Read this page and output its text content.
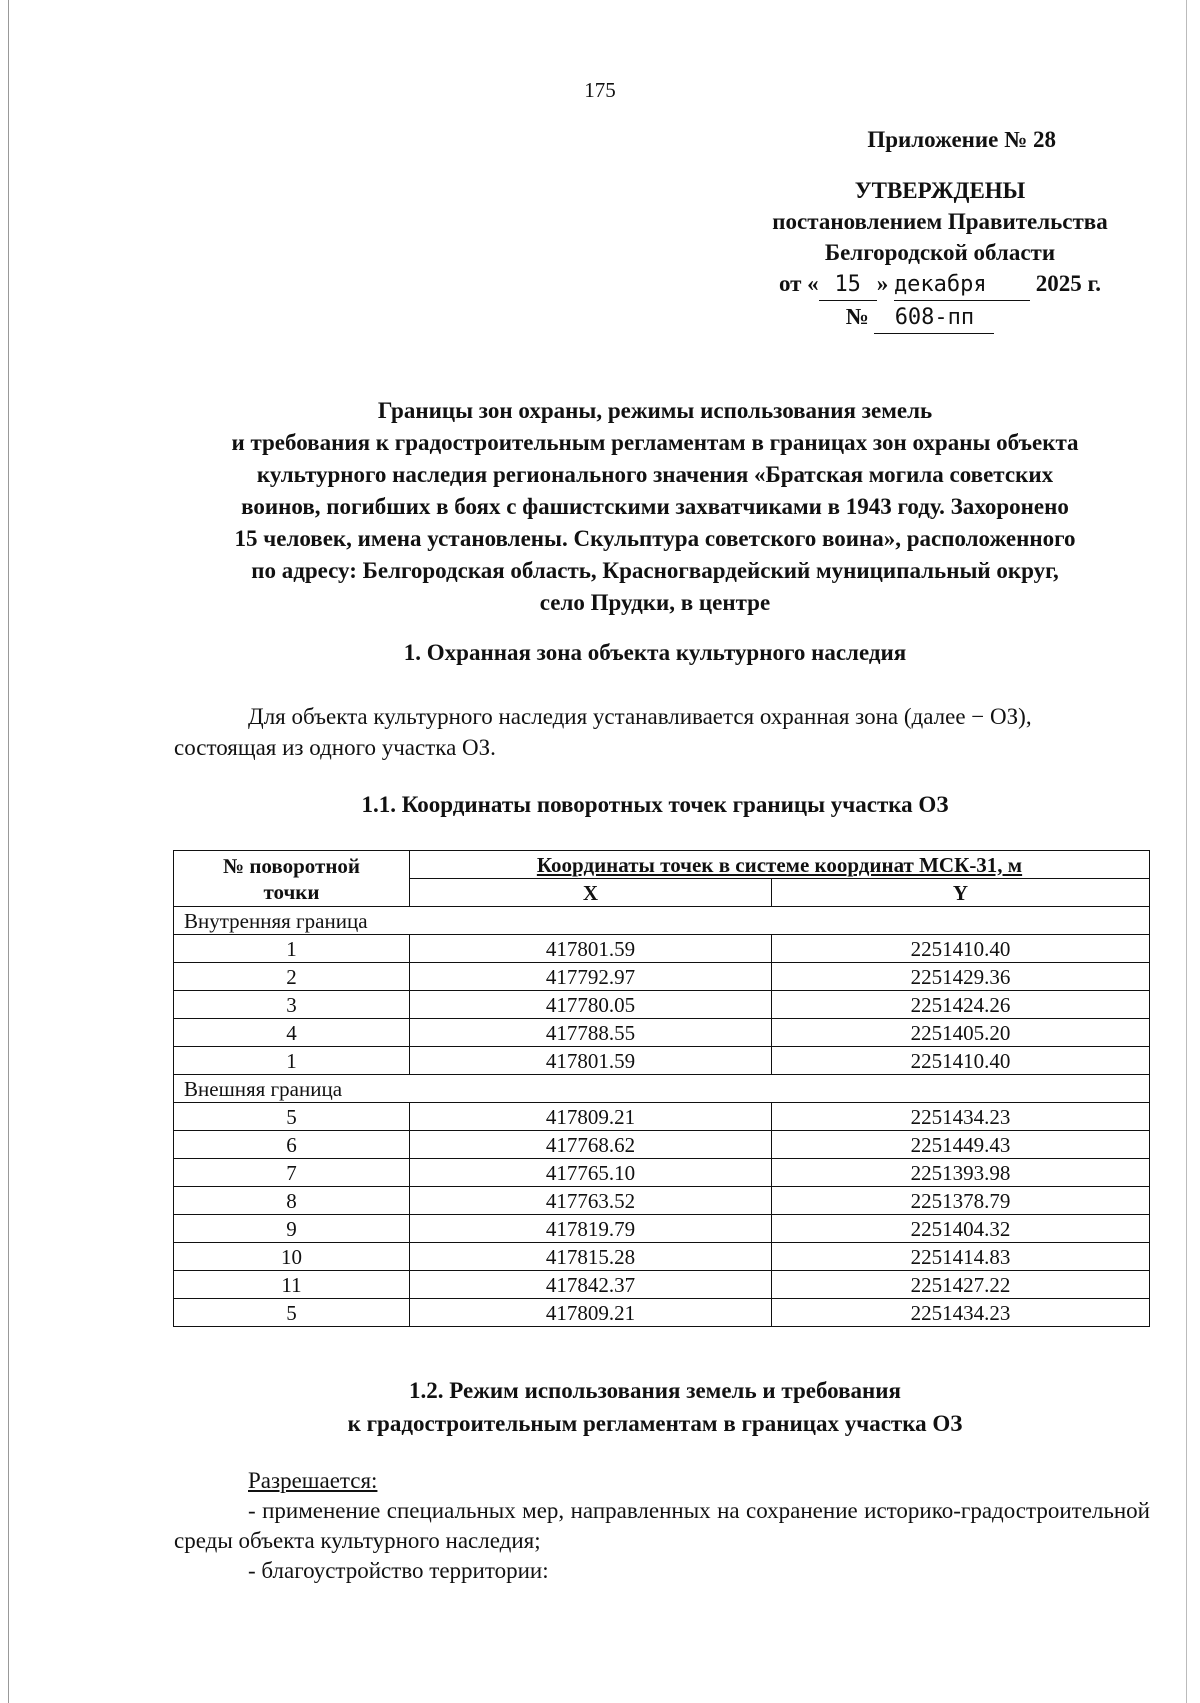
175
Приложение № 28
УТВЕРЖДЕНЫ
постановлением Правительства
Белгородской области
от « 15 » декабря 2025 г.
№ 608-пп
Границы зон охраны, режимы использования земель
и требования к градостроительным регламентам в границах зон охраны объекта
культурного наследия регионального значения «Братская могила советских
воинов, погибших в боях с фашистскими захватчиками в 1943 году. Захоронено
15 человек, имена установлены. Скульптура советского воина», расположенного
по адресу: Белгородская область, Красногвардейский муниципальный округ,
село Прудки, в центре
1. Охранная зона объекта культурного наследия
Для объекта культурного наследия устанавливается охранная зона (далее − ОЗ),
состоящая из одного участка ОЗ.
1.1. Координаты поворотных точек границы участка ОЗ
№ поворотной точки	Координаты точек в системе координат МСК-31, м	
	X	Y
Внутренняя граница		
1	417801.59	2251410.40
2	417792.97	2251429.36
3	417780.05	2251424.26
4	417788.55	2251405.20
1	417801.59	2251410.40
Внешняя граница		
5	417809.21	2251434.23
6	417768.62	2251449.43
7	417765.10	2251393.98
8	417763.52	2251378.79
9	417819.79	2251404.32
10	417815.28	2251414.83
11	417842.37	2251427.22
5	417809.21	2251434.23
1.2. Режим использования земель и требования
к градостроительным регламентам в границах участка ОЗ
Разрешается:
- применение специальных мер, направленных на сохранение историко-градостроительной среды объекта культурного наследия;
- благоустройство территории:
